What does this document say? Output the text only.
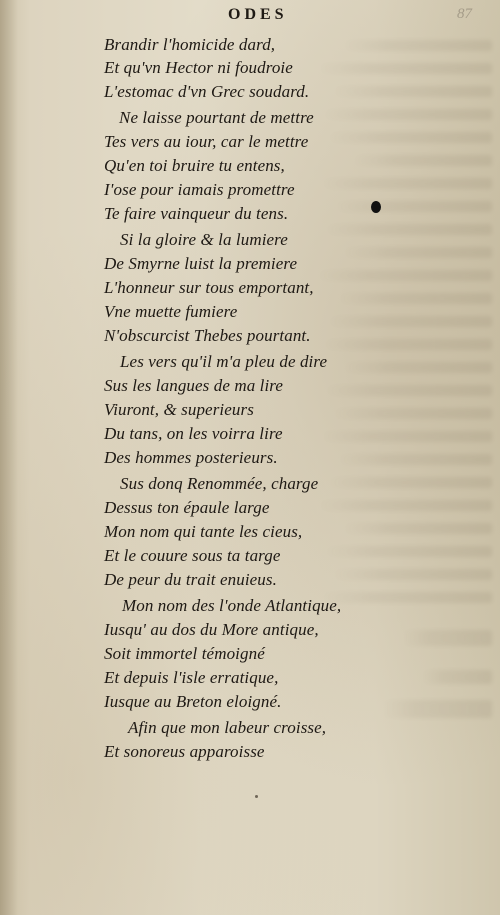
ODES	87
Brandir l'homicide dard,
Et qu'vn Hector ni foudroie
L'estomac d'vn Grec soudard.
Ne laisse pourtant de mettre
Tes vers au iour, car le mettre
Qu'en toi bruire tu entens,
I'ose pour iamais promettre
Te faire vainqueur du tens.
Si la gloire & la lumiere
De Smyrne luist la premiere
L'honneur sur tous emportant,
Vne muette fumiere
N'obscurcist Thebes pourtant.
Les vers qu'il m'a pleu de dire
Sus les langues de ma lire
Viuront, & superieurs
Du tans, on les voirra lire
Des hommes posterieurs.
Sus donq Renommée, charge
Dessus ton épaule large
Mon nom qui tante les cieus,
Et le couure sous ta targe
De peur du trait enuieus.
Mon nom des l'onde Atlantique,
Iusqu' au dos du More antique,
Soit immortel témoigné
Et depuis l'isle erratique,
Iusque au Breton eloigné.
Afin que mon labeur croisse,
Et sonoreus apparoisse
